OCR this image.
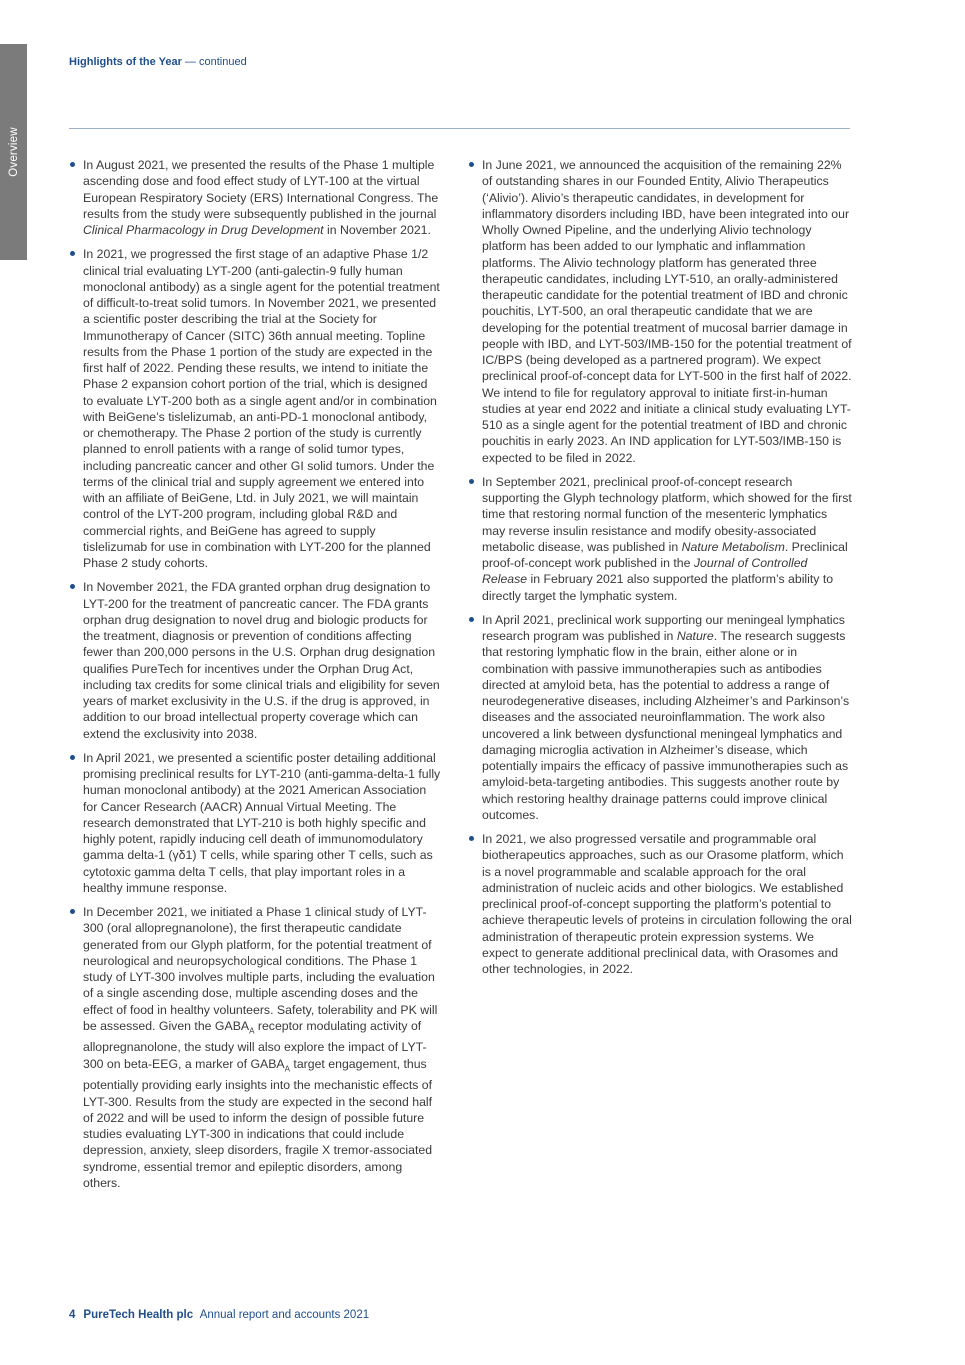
Overview
Highlights of the Year — continued
In August 2021, we presented the results of the Phase 1 multiple ascending dose and food effect study of LYT-100 at the virtual European Respiratory Society (ERS) International Congress. The results from the study were subsequently published in the journal Clinical Pharmacology in Drug Development in November 2021.
In 2021, we progressed the first stage of an adaptive Phase 1/2 clinical trial evaluating LYT-200 (anti-galectin-9 fully human monoclonal antibody) as a single agent for the potential treatment of difficult-to-treat solid tumors. In November 2021, we presented a scientific poster describing the trial at the Society for Immunotherapy of Cancer (SITC) 36th annual meeting. Topline results from the Phase 1 portion of the study are expected in the first half of 2022. Pending these results, we intend to initiate the Phase 2 expansion cohort portion of the trial, which is designed to evaluate LYT-200 both as a single agent and/or in combination with BeiGene’s tislelizumab, an anti-PD-1 monoclonal antibody, or chemotherapy. The Phase 2 portion of the study is currently planned to enroll patients with a range of solid tumor types, including pancreatic cancer and other GI solid tumors. Under the terms of the clinical trial and supply agreement we entered into with an affiliate of BeiGene, Ltd. in July 2021, we will maintain control of the LYT-200 program, including global R&D and commercial rights, and BeiGene has agreed to supply tislelizumab for use in combination with LYT-200 for the planned Phase 2 study cohorts.
In November 2021, the FDA granted orphan drug designation to LYT-200 for the treatment of pancreatic cancer. The FDA grants orphan drug designation to novel drug and biologic products for the treatment, diagnosis or prevention of conditions affecting fewer than 200,000 persons in the U.S. Orphan drug designation qualifies PureTech for incentives under the Orphan Drug Act, including tax credits for some clinical trials and eligibility for seven years of market exclusivity in the U.S. if the drug is approved, in addition to our broad intellectual property coverage which can extend the exclusivity into 2038.
In April 2021, we presented a scientific poster detailing additional promising preclinical results for LYT-210 (anti-gamma-delta-1 fully human monoclonal antibody) at the 2021 American Association for Cancer Research (AACR) Annual Virtual Meeting. The research demonstrated that LYT-210 is both highly specific and highly potent, rapidly inducing cell death of immunomodulatory gamma delta-1 (γδ1) T cells, while sparing other T cells, such as cytotoxic gamma delta T cells, that play important roles in a healthy immune response.
In December 2021, we initiated a Phase 1 clinical study of LYT-300 (oral allopregnanolone), the first therapeutic candidate generated from our Glyph platform, for the potential treatment of neurological and neuropsychological conditions. The Phase 1 study of LYT-300 involves multiple parts, including the evaluation of a single ascending dose, multiple ascending doses and the effect of food in healthy volunteers. Safety, tolerability and PK will be assessed. Given the $GABA_A$ receptor modulating activity of allopregnanolone, the study will also explore the impact of LYT-300 on beta-EEG, a marker of $GABA_A$ target engagement, thus potentially providing early insights into the mechanistic effects of LYT-300. Results from the study are expected in the second half of 2022 and will be used to inform the design of possible future studies evaluating LYT-300 in indications that could include depression, anxiety, sleep disorders, fragile X tremor-associated syndrome, essential tremor and epileptic disorders, among others.
In June 2021, we announced the acquisition of the remaining 22% of outstanding shares in our Founded Entity, Alivio Therapeutics (‘Alivio’). Alivio’s therapeutic candidates, in development for inflammatory disorders including IBD, have been integrated into our Wholly Owned Pipeline, and the underlying Alivio technology platform has been added to our lymphatic and inflammation platforms. The Alivio technology platform has generated three therapeutic candidates, including LYT-510, an orally-administered therapeutic candidate for the potential treatment of IBD and chronic pouchitis, LYT-500, an oral therapeutic candidate that we are developing for the potential treatment of mucosal barrier damage in people with IBD, and LYT-503/IMB-150 for the potential treatment of IC/BPS (being developed as a partnered program). We expect preclinical proof-of-concept data for LYT-500 in the first half of 2022. We intend to file for regulatory approval to initiate first-in-human studies at year end 2022 and initiate a clinical study evaluating LYT-510 as a single agent for the potential treatment of IBD and chronic pouchitis in early 2023. An IND application for LYT-503/IMB-150 is expected to be filed in 2022.
In September 2021, preclinical proof-of-concept research supporting the Glyph technology platform, which showed for the first time that restoring normal function of the mesenteric lymphatics may reverse insulin resistance and modify obesity-associated metabolic disease, was published in Nature Metabolism. Preclinical proof-of-concept work published in the Journal of Controlled Release in February 2021 also supported the platform’s ability to directly target the lymphatic system.
In April 2021, preclinical work supporting our meningeal lymphatics research program was published in Nature. The research suggests that restoring lymphatic flow in the brain, either alone or in combination with passive immunotherapies such as antibodies directed at amyloid beta, has the potential to address a range of neurodegenerative diseases, including Alzheimer’s and Parkinson’s diseases and the associated neuroinflammation. The work also uncovered a link between dysfunctional meningeal lymphatics and damaging microglia activation in Alzheimer’s disease, which potentially impairs the efficacy of passive immunotherapies such as amyloid-beta-targeting antibodies. This suggests another route by which restoring healthy drainage patterns could improve clinical outcomes.
In 2021, we also progressed versatile and programmable oral biotherapeutics approaches, such as our Orasome platform, which is a novel programmable and scalable approach for the oral administration of nucleic acids and other biologics. We established preclinical proof-of-concept supporting the platform’s potential to achieve therapeutic levels of proteins in circulation following the oral administration of therapeutic protein expression systems. We expect to generate additional preclinical data, with Orasomes and other technologies, in 2022.
4 PureTech Health plc Annual report and accounts 2021
